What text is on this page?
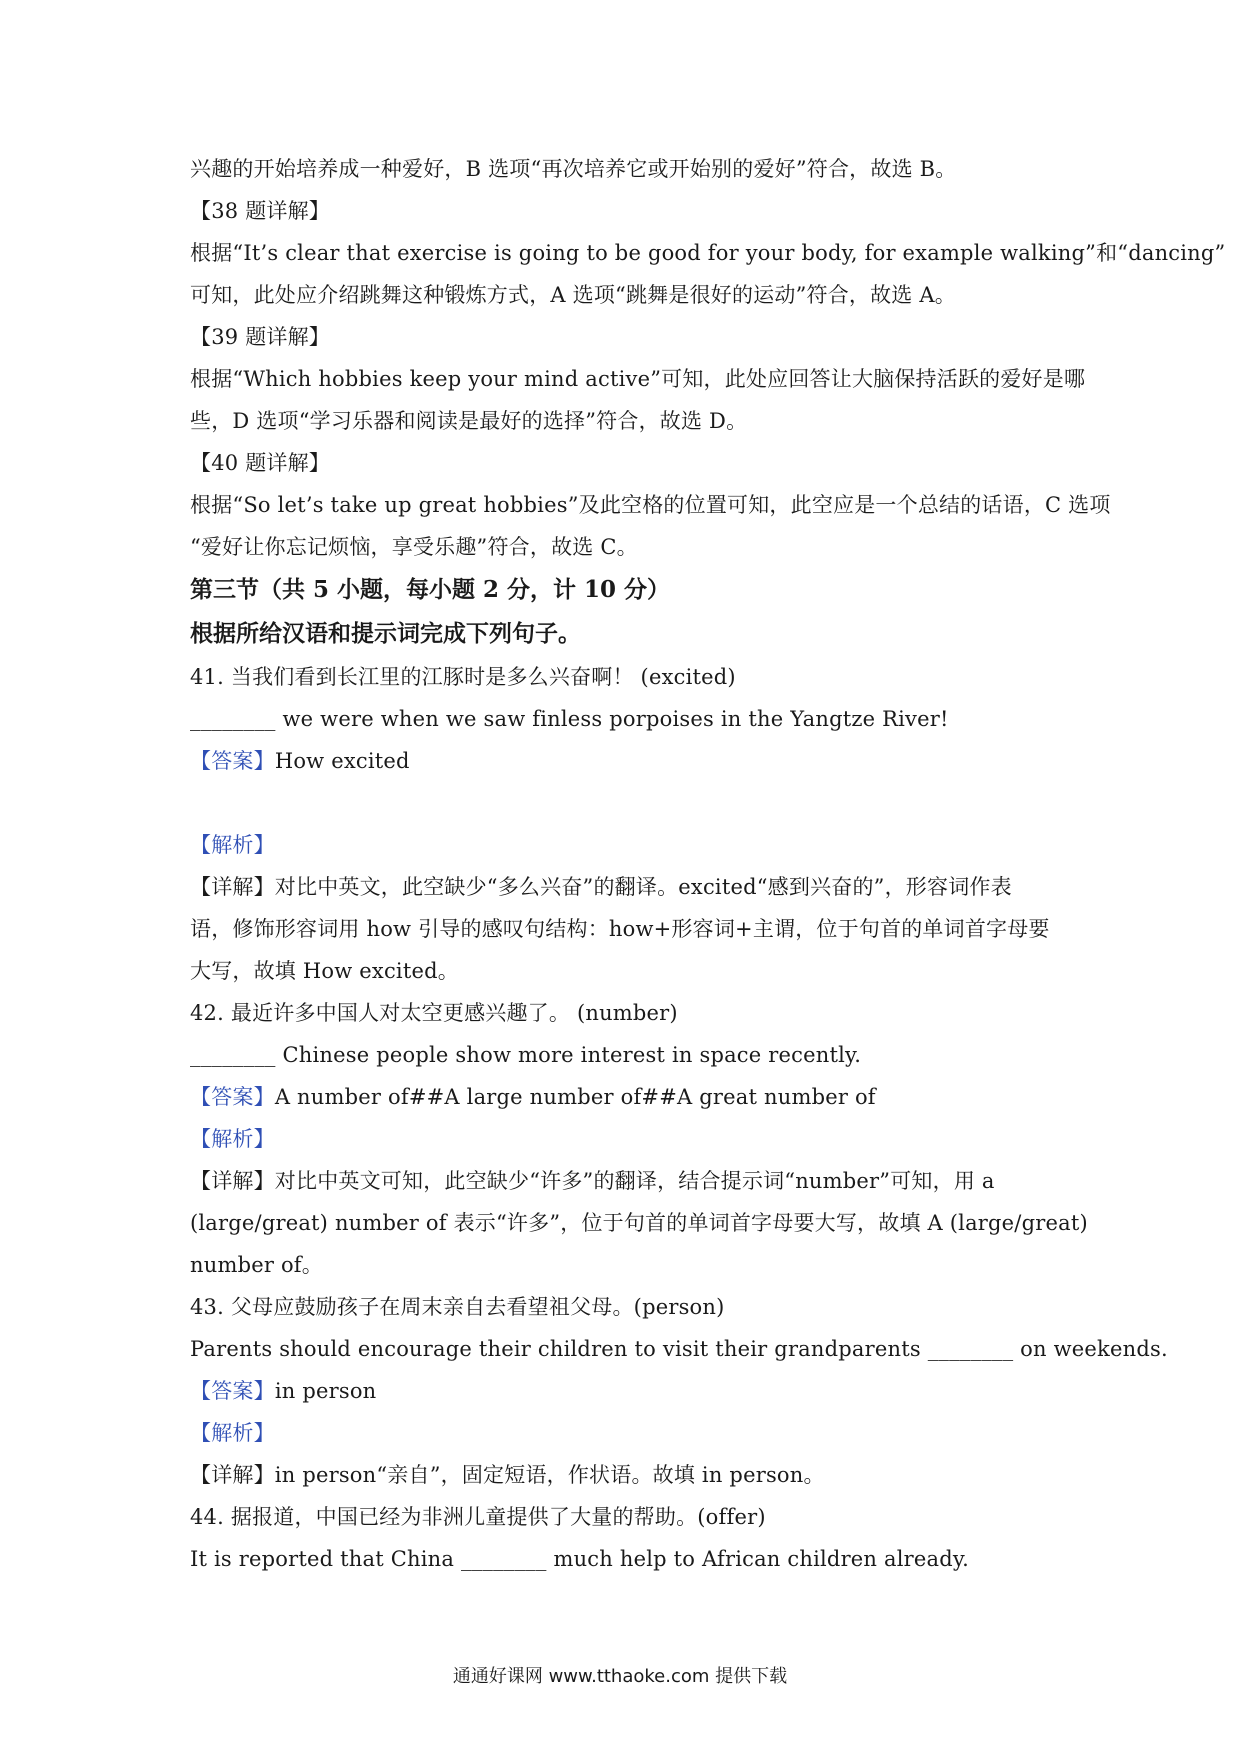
兴趣的开始培养成一种爱好，B 选项“再次培养它或开始别的爱好”符合，故选 B。
【38 题详解】
根据“It’s clear that exercise is going to be good for your body, for example walking”和“dancing”
可知，此处应介绍跳舞这种锻炼方式，A 选项“跳舞是很好的运动”符合，故选 A。
【39 题详解】
根据“Which hobbies keep your mind active”可知，此处应回答让大脑保持活跃的爱好是哪
些，D 选项“学习乐器和阅读是最好的选择”符合，故选 D。
【40 题详解】
根据“So let’s take up great hobbies”及此空格的位置可知，此空应是一个总结的话语，C 选项
“爱好让你忘记烦恼，享受乐趣”符合，故选 C。
第三节（共 5 小题，每小题 2 分，计 10 分）
根据所给汉语和提示词完成下列句子。
41. 当我们看到长江里的江豚时是多么兴奋啊！ (excited)
________ we were when we saw finless porpoises in the Yangtze River!
【答案】How excited
【解析】
【详解】对比中英文，此空缺少“多么兴奋”的翻译。excited“感到兴奋的”，形容词作表
语，修饰形容词用 how 引导的感叹句结构：how+形容词+主谓，位于句首的单词首字母要
大写，故填 How excited。
42. 最近许多中国人对太空更感兴趣了。 (number)
________ Chinese people show more interest in space recently.
【答案】A number of##A large number of##A great number of
【解析】
【详解】对比中英文可知，此空缺少“许多”的翻译，结合提示词“number”可知，用 a
(large/great) number of 表示“许多”，位于句首的单词首字母要大写，故填 A (large/great)
number of。
43. 父母应鼓励孩子在周末亲自去看望祖父母。(person)
Parents should encourage their children to visit their grandparents ________ on weekends.
【答案】in person
【解析】
【详解】in person“亲自”，固定短语，作状语。故填 in person。
44. 据报道，中国已经为非洲儿童提供了大量的帮助。(offer)
It is reported that China ________ much help to African children already.
通通好课网 www.tthaoke.com 提供下载
